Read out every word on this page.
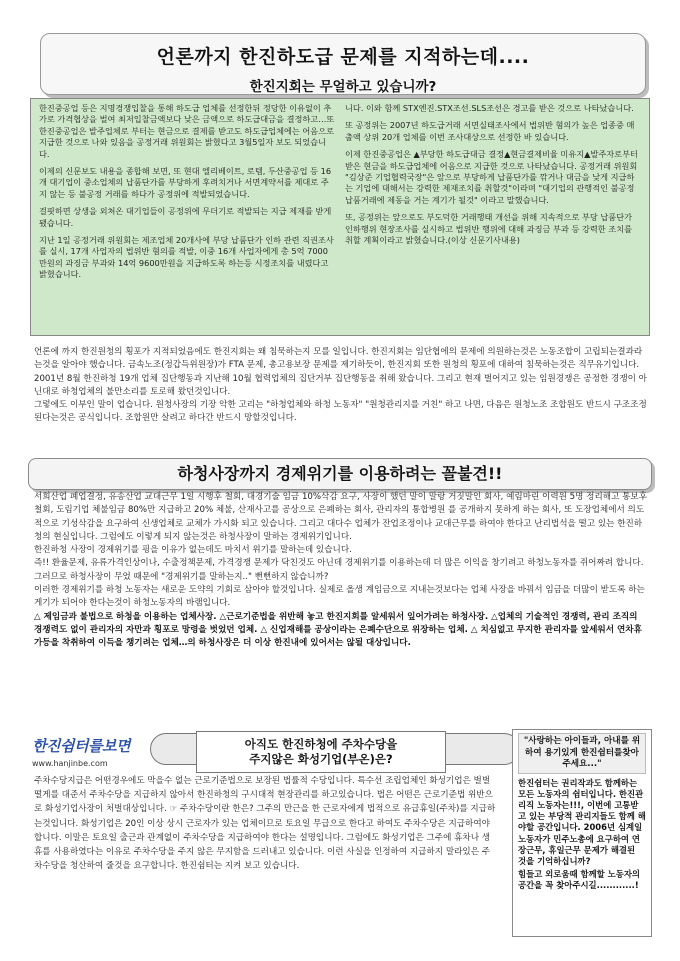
언론까지 한진하도급 문제를 지적하는데....
한진지회는 무얼하고 있습니까?

한진중공업 등은 지명경쟁입찰을 통해 하도급 업체를 선정한뒤 정당한 이유없이 추가로 가격협상을 벌여 최저입찰금액보다 낮은 금액으로 하도급대금을 결정하고…또 한진중공업은 발주업체로 부터는 현금으로 결제를 받고도 하도급업체에는 어음으로 지급한 것으로 나와 있음을 공정거래 위원회는 밝혔다고 3월5일자 보도 되었습니다.

이제의 신문보도 내용을 종합해 보면, 또 현대 엘리베이트, 로템, 두산중공업 등 16개 대기업이 중소업체의 납품단가를 부당하게 후려치거나 서면계약서를 제대로 주지 않는 등 불공정 거래를 하다가 공정위에 적발되었습니다.

걸핏하면 상생을 외쳐온 대기업들이 공정위에 무더기로 적발되는 지급 제재를 받게 됐습니다.

지난 1일 공정거래 위원회는 제조업체 20개사에 부당 납품단가 인하 관련 직권조사를 실시, 17개 사업자의 법위반 혐의를 적발, 이중 16개 사업자에게 총 5억 7000만원의 과징금 부과와 14억 9600만원을 지급하도록 하는등 시정조치를 내렸다고 밝혔습니다.

니다. 이와 함께 STX엔진.STX조선.SLS조선은 경고를 받은 것으로 나타났습니다.

또 공정위는 2007년 하도급거래 서면실태조사에서 법위반 혐의가 높은 업종중 매출액 상위 20개 업체를 이번 조사대상으로 선정한 바 있습니다.

이제 한진중공업은 ▲부당한 하도급대금 결정▲현금결제비율 미유지▲발주자로부터 받은 현금을 하도급업체에 어음으로 지급한 것으로 나타났습니다. 공정거래 위원회 "김상준 기업협력국장"은 앞으로 부당하게 납품단가를 깎거나 대금을 낮게 지급하는 기업에 대해서는 강력한 제재조치를 취할것"이라며 "대기업의 관행적인 불공정 납품거래에 제동을 거는 계기가 될것" 이라고 말했습니다.

또, 공정위는 앞으로도 부도덕한 거래행태 개선을 위해 지속적으로 부당 납품단가 인하행위 현장조사를 실시하고 법위반 행위에 대해 과징금 부과 등 강력한 조치를 취할 계획이라고 밝혔습니다.(이상 신문기사내용)

언론에 까지 한진원청의 횡포가 지적되었음에도 한진지회는 왜 침묵하는지 모를 일입니다. 한진지회는 임단협에의 문제에 의원하는것은 노동조합이 고립되는결과라는것을 알아야 했습니다. 금속노조(정갑득위원장)가 FTA 문제, 총고용보장 문제를 제기하듯이, 한진지회 또한 원청의 횡포에 대하여 침묵하는것은 직무유기입니다.

2001년 8월 한진하청 19개 업체 집단행동과 지난해 10월 협력업체의 집단거부 집단행동을 취해 왔습니다. 그리고 현재 벌어지고 있는 임원경쟁은 공정한 경쟁이 아닌대로 하청업체의 불만소리를 토로해 왔던것입니다.

그렇에도 이부인 말이 업습니다. 원청사장의 기장 악한 고리는 "하청업체와 하청 노동자" "원청관리지를 거친" 하고 나면, 다음은 원청노조 조합원도 반드시 구조조정 된다는것은 공식입니다. 조합원만 살려고 하다간 반드시 망할것입니다.

하청사장까지 경제위기를 이용하려는 꼴불견!!

서희산업 폐업결정, 유송산업 교대근무 1일 시행후 철회, 대경기술 임금 10%삭감 요구, 사장이 했던 말이 말랑 거짓말인 회사, 예림마린 이력원 5명 정리해고 통보후 철회, 도림기업 체불임금 80%만 지급하고 20% 체불, 산재사고를 공상으로 은폐하는 회사, 관리자의 통합병원 를 공개하지 못하게 하는 회사, 또 도장업체에서 의도적으로 기성삭감을 요구하여 신생업체로 교체가 가시화 되고 있습니다. 그리고 대다수 업체가 잔업조정이나 교대근무를 하여야 한다고 난리법석을 떨고 있는 한진하청의 현실입니다. 그럼에도 이렇게 되지 않는것은 하청사장이 말하는 경제위기입니다.

한진하청 사장이 경제위기를 핑을 이유가 없는데도 마치서 위기를 말하는데 있습니다.

즉!! 환율문제, 유류가격인상이나, 수출정책문제, 가격경쟁 문제가 닥친것도 아닌데 경제위기를 이용하는데 더 많은 이익을 창기려고 하청노동자를 쥐어짜려 합니다. 그러므로 하청사장이 무었 때문에 "경제위기를 말하는지.." 뻔뻔하지 않습니까?

이러한 경제위기를 하청 노동자는 새로운 도약의 기회로 삼아야 할것입니다. 실제로 올생 계임금으로 지내는것보다는 업체 사장을 바꿔서 임금을 더많이 받도록 하는게기가 되어야 한다는것이 하청노동자의 바램입니다.

△ 제임금과 불법으로 하청을 이용하는 업체사장. △근로기준법을 위반해 놓고 한진지회를 알세워서 잎어가려는 하청사장. △업체의 기술적인 경쟁력, 관리 조직의 경쟁력도 없이 관리자의 자만과 횡포로 망령을 벗었던 업체. △ 신업재해를 공상이라는 은폐수단으로 위장하는 업체. △ 치심없고 무지한 관리자를 앞세워서 연차휴가등을 착취하여 이득을 챙기려는 업체…의 하청사장은 더 이상 한진내에 있어서는 않될 대상입니다.

한진쉼터를보면
www.hanjinbe.com
아직도 한진하청에 주차수당을
주지않은 화성기업(부온)은?

주차수당지급은 어떤경우에도 막을수 없는 근로기준법으로 보장된 법률적 수당입니다. 특수선 조립업체인 화성기업은 벌벌 떨게를 대준서 주차수당을 지급하지 않아서 한진하청의 구시대적 현장관리를 하고있습니다. 법은 어떤은 근로기준법 위반으로 화성기업사장이 처벌대상입니다. ☞ 주차수당이란 한은? 그주의 만근을 한 근로자에게 법적으로 유급휴일(주차)를 지급하는것입니다. 화성기업은 20인 이상 상시 근로자가 있는 업체이므로 토요일 무급으로 한다고 하여도 주차수당은 지급하여야 합니다. 이말은 토요일 출근과 관계없이 주차수당을 지급하여야 한다는 설명입니다. 그럼에도 화성기업은 그주에 휴차나 생휴를 사용하였다는 이유로 주차수당을 주지 않은 무지함을 드러내고 있습니다. 이런 사실을 인정하여 지급하지 말라있은 주차수당을 청산하여 줄것을 요구합니다. 한진쉼터는 지켜 보고 있습니다.

"사랑하는 아이들과, 아내를 위하여 용기있게 한진쉼터를찾아주세요..."

한진쉼터는 권리작과도 함께하는 모든 노동자의 쉼터입니다. 한진관리직 노동자는!!!, 이번에 고통받고 있는 부당적 관리지들도 함께 해야할 공간입니다. 2006년 심계일 노동자가 민주노총에 요구하여 연장근무, 휴일근무 문제가 해결된 것을 기억하십니까?

힘들고 외로움때 함께할 노동자의 공간을 꼭 찾아주시길............!
